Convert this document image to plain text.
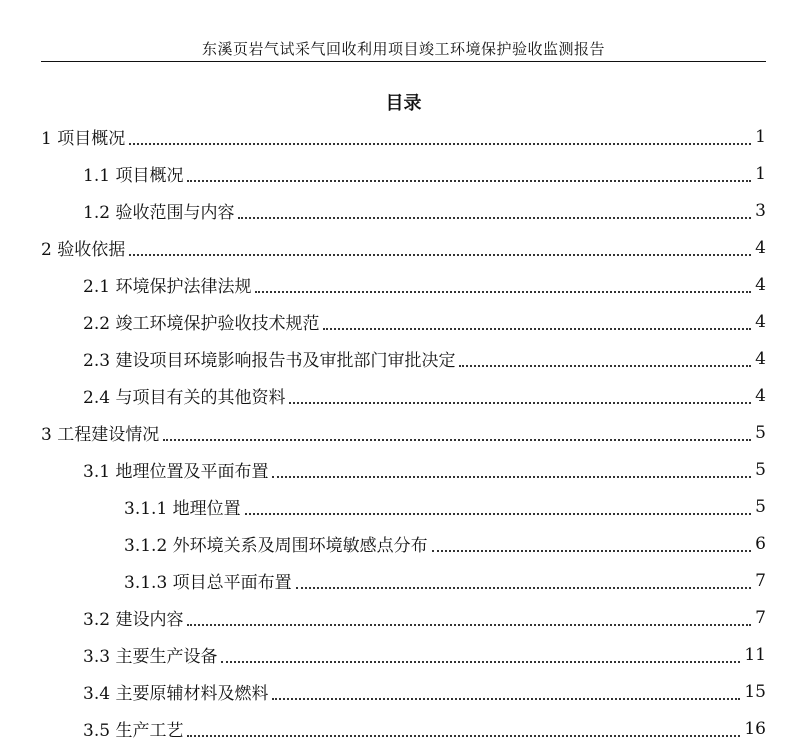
东溪页岩气试采气回收利用项目竣工环境保护验收监测报告
目录
1 项目概况	1
1.1 项目概况	1
1.2 验收范围与内容	3
2 验收依据	4
2.1 环境保护法律法规	4
2.2 竣工环境保护验收技术规范	4
2.3 建设项目环境影响报告书及审批部门审批决定	4
2.4 与项目有关的其他资料	4
3 工程建设情况	5
3.1 地理位置及平面布置	5
3.1.1 地理位置	5
3.1.2 外环境关系及周围环境敏感点分布	6
3.1.3 项目总平面布置	7
3.2 建设内容	7
3.3 主要生产设备	11
3.4 主要原辅材料及燃料	15
3.5 生产工艺	16
